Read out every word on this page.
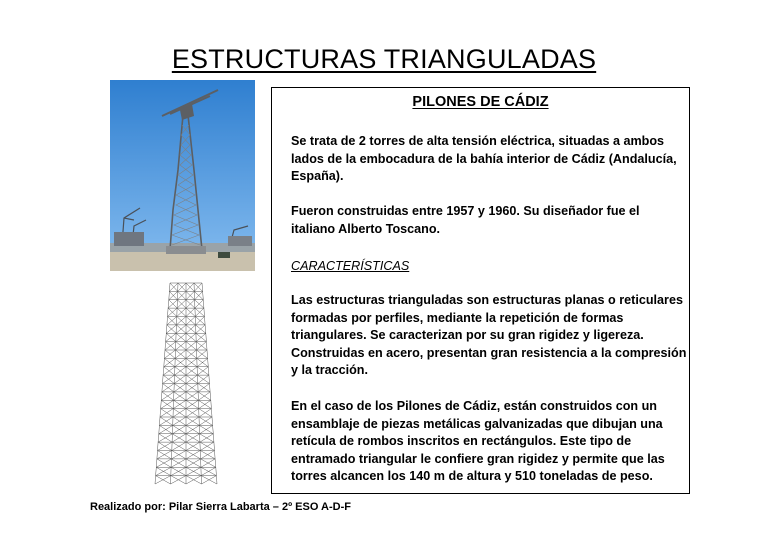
ESTRUCTURAS TRIANGULADAS
PILONES DE CÁDIZ

Se trata de 2 torres de alta tensión eléctrica, situadas a ambos lados de la embocadura de la bahía interior de Cádiz (Andalucía, España).

Fueron construidas entre 1957 y 1960. Su diseñador fue el italiano Alberto Toscano.

CARACTERÍSTICAS

Las estructuras trianguladas son estructuras planas o reticulares formadas por perfiles, mediante la repetición de formas triangulares. Se caracterizan por su gran rigidez y ligereza. Construidas en acero, presentan gran resistencia a la compresión y la tracción.

En el caso de los Pilones de Cádiz, están construidos con un ensamblaje de piezas metálicas galvanizadas que dibujan una retícula de rombos inscritos en rectángulos. Este tipo de entramado triangular le confiere gran rigidez y permite que las torres alcancen los 140 m de altura y 510 toneladas de peso.

Realizado por: Pilar Sierra Labarta – 2º ESO A-D-F
